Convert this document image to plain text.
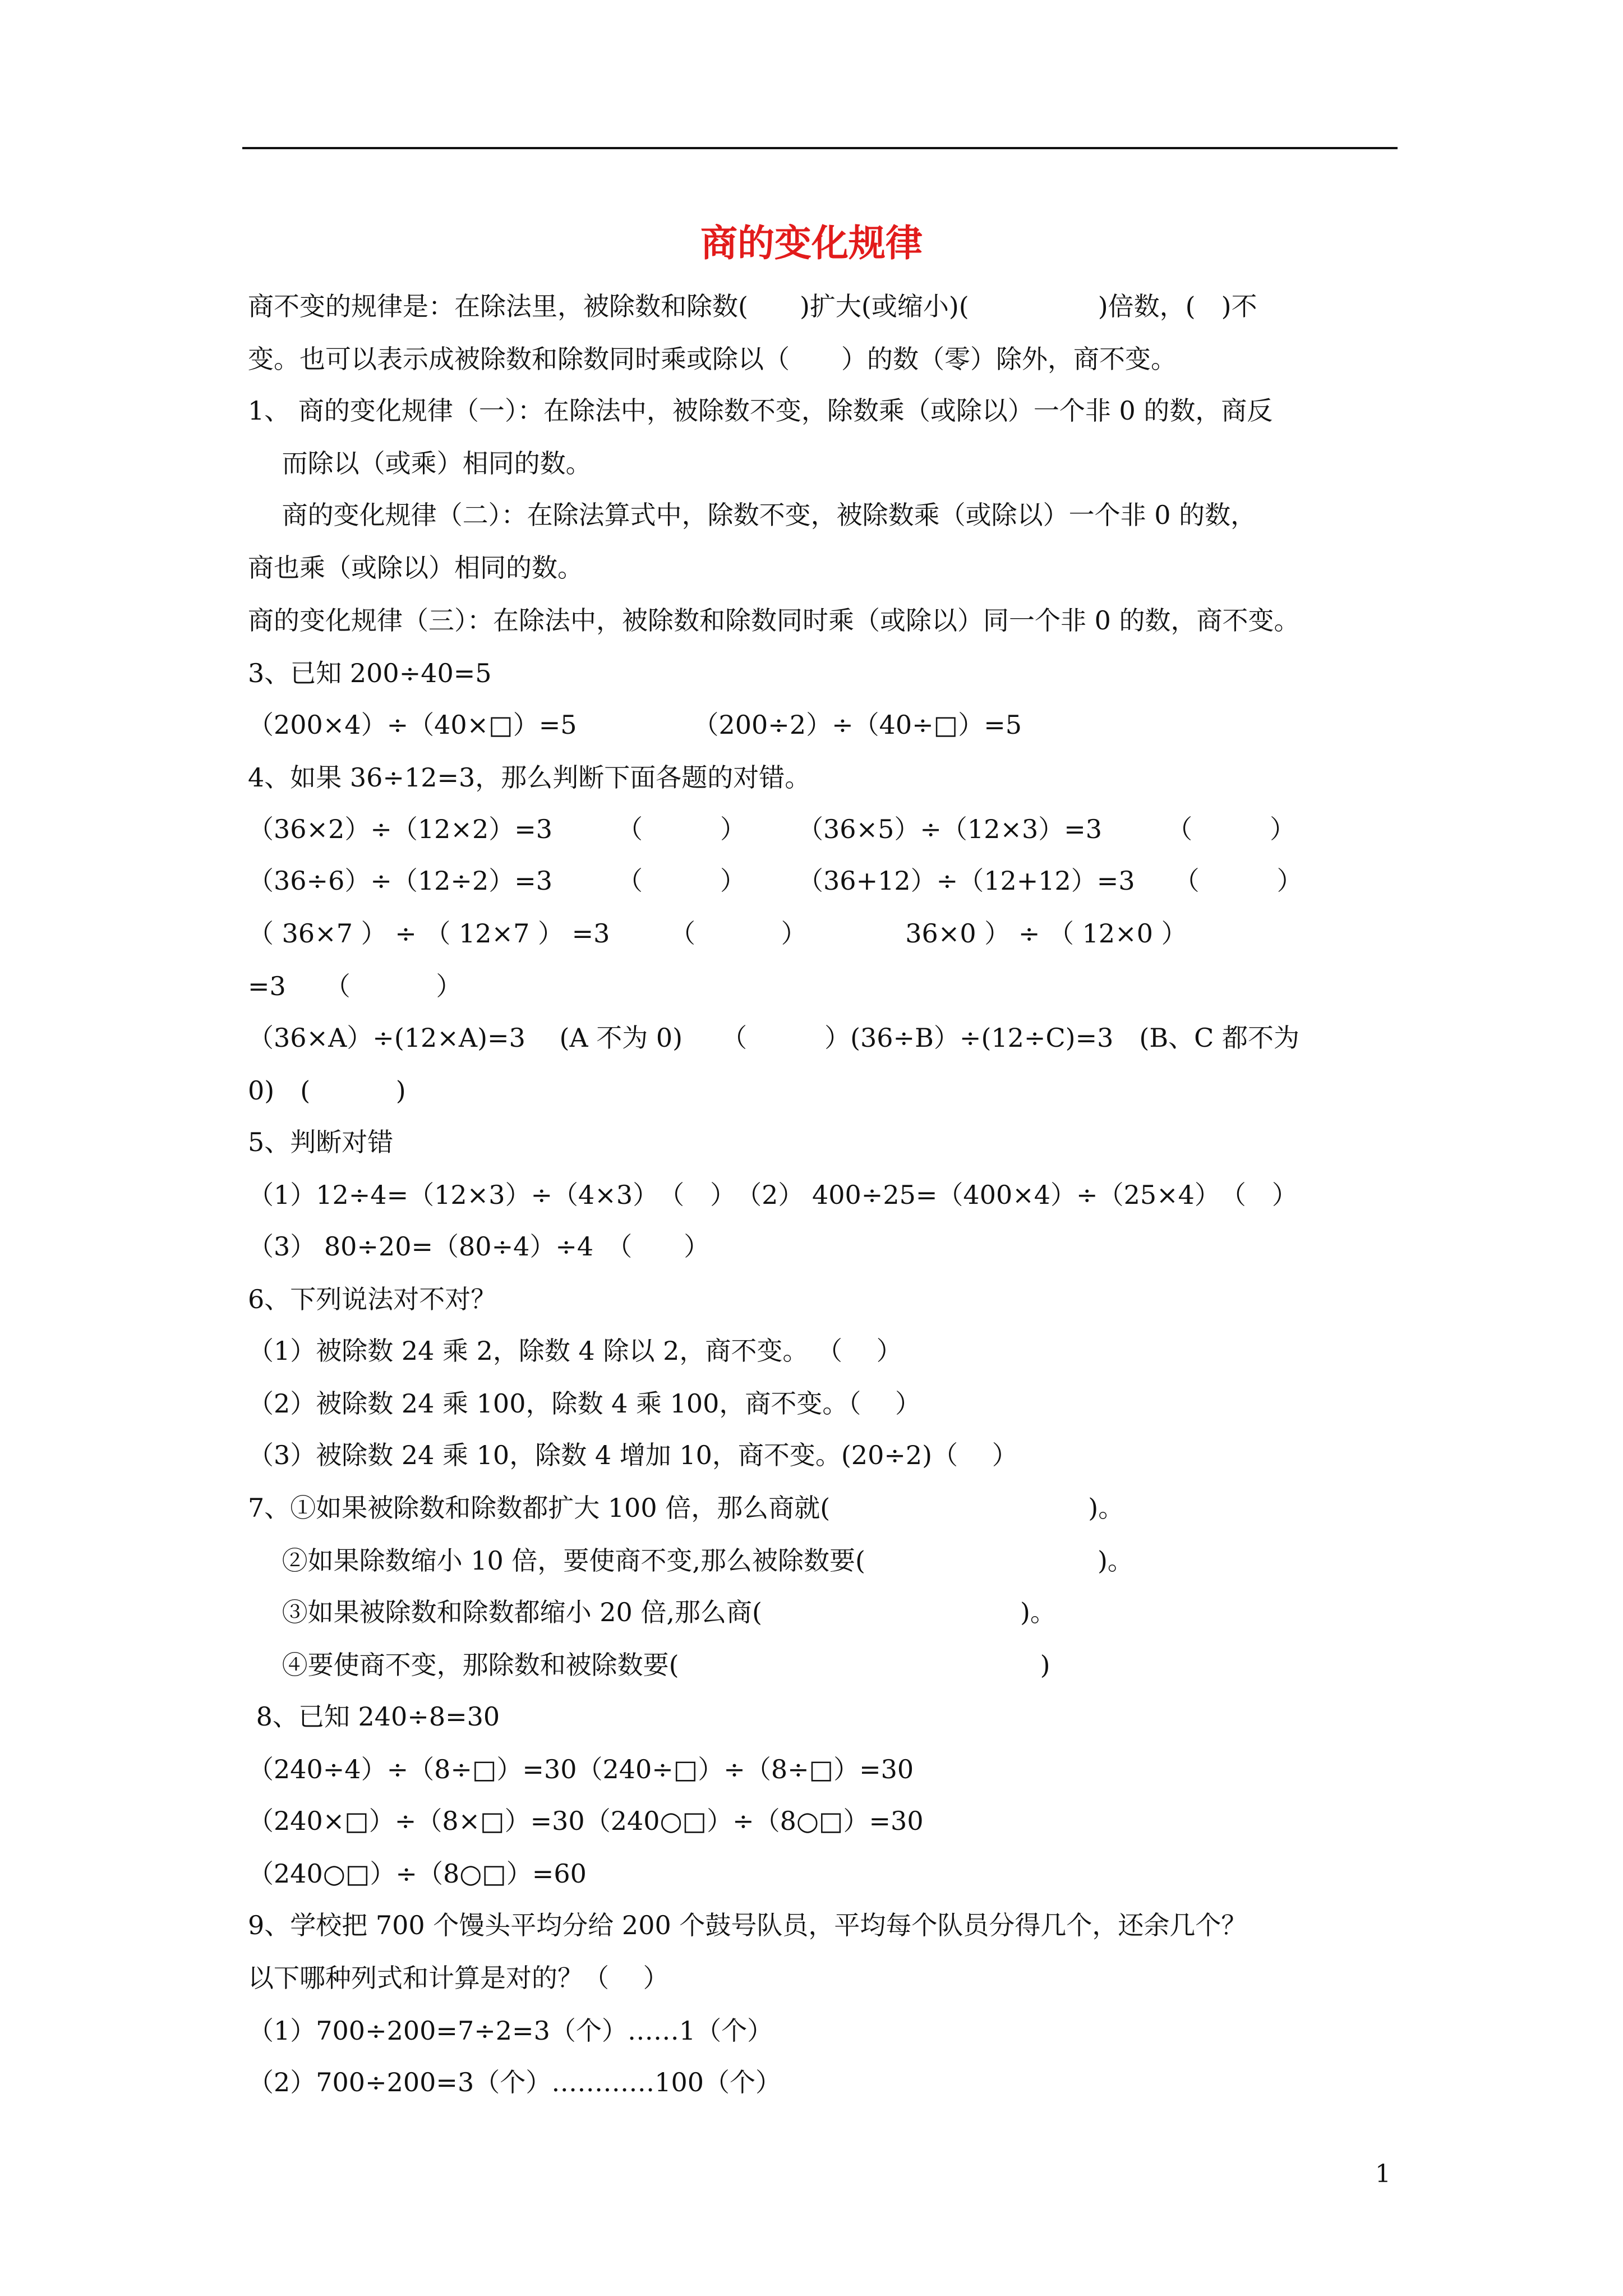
商的变化规律
商不变的规律是：在除法里，被除数和除数(　　)扩大(或缩小)(　　　　　)倍数，(　)不
变。也可以表示成被除数和除数同时乘或除以（　　）的数（零）除外，商不变。
1、 商的变化规律（一）：在除法中，被除数不变，除数乘（或除以）一个非 0 的数，商反
　 而除以（或乘）相同的数。
　 商的变化规律（二）：在除法算式中，除数不变，被除数乘（或除以）一个非 0 的数，
商也乘（或除以）相同的数。
商的变化规律（三）：在除法中，被除数和除数同时乘（或除以）同一个非 0 的数，商不变。
3、已知 200÷40=5
（200×4）÷（40×□）=5　　　　　（200÷2）÷（40÷□）=5
4、如果 36÷12=3，那么判断下面各题的对错。
（36×2）÷（12×2）=3　　　（　　　）　　　（36×5）÷（12×3）=3　　　（　　　）
（36÷6）÷（12÷2）=3　　　（　　　）　　　（36+12）÷（12+12）=3　　（　　　）
（ 36×7 ） ÷ （ 12×7 ） =3　　 （　　　 ）　　　　 36×0 ） ÷ （ 12×0 ）
=3　　（　　　 ）
（36×A）÷(12×A)=3　 (A 不为 0)　　（　　　）(36÷B）÷(12÷C)=3　(B、C 都不为
0)　(　　　 )
5、判断对错
（1）12÷4=（12×3）÷（4×3）　（　）　（2） 400÷25=（400×4）÷（25×4）　（　）
（3） 80÷20=（80÷4）÷4　（　　）
6、下列说法对不对？
（1）被除数 24 乘 2，除数 4 除以 2，商不变。 （　 ）
（2）被除数 24 乘 100，除数 4 乘 100，商不变。（　 ）
（3）被除数 24 乘 10，除数 4 增加 10，商不变。(20÷2)（　 ）
7、①如果被除数和除数都扩大 100 倍，那么商就(　　　　　　　　　　)。
　 ②如果除数缩小 10 倍，要使商不变,那么被除数要(　　　　　　　　　)。
　 ③如果被除数和除数都缩小 20 倍,那么商(　　　　　　　　　　)。
　 ④要使商不变，那除数和被除数要(　　　　　　　　　　　　　　)
8、已知 240÷8=30
（240÷4）÷（8÷□）=30（240÷□）÷（8÷□）=30
（240×□）÷（8×□）=30（240○□）÷（8○□）=30
（240○□）÷（8○□）=60
9、学校把 700 个馒头平均分给 200 个鼓号队员，平均每个队员分得几个，还余几个？
以下哪种列式和计算是对的？（　 ）
（1）700÷200=7÷2=3（个）……1（个）
（2）700÷200=3（个）…………100（个）
1
